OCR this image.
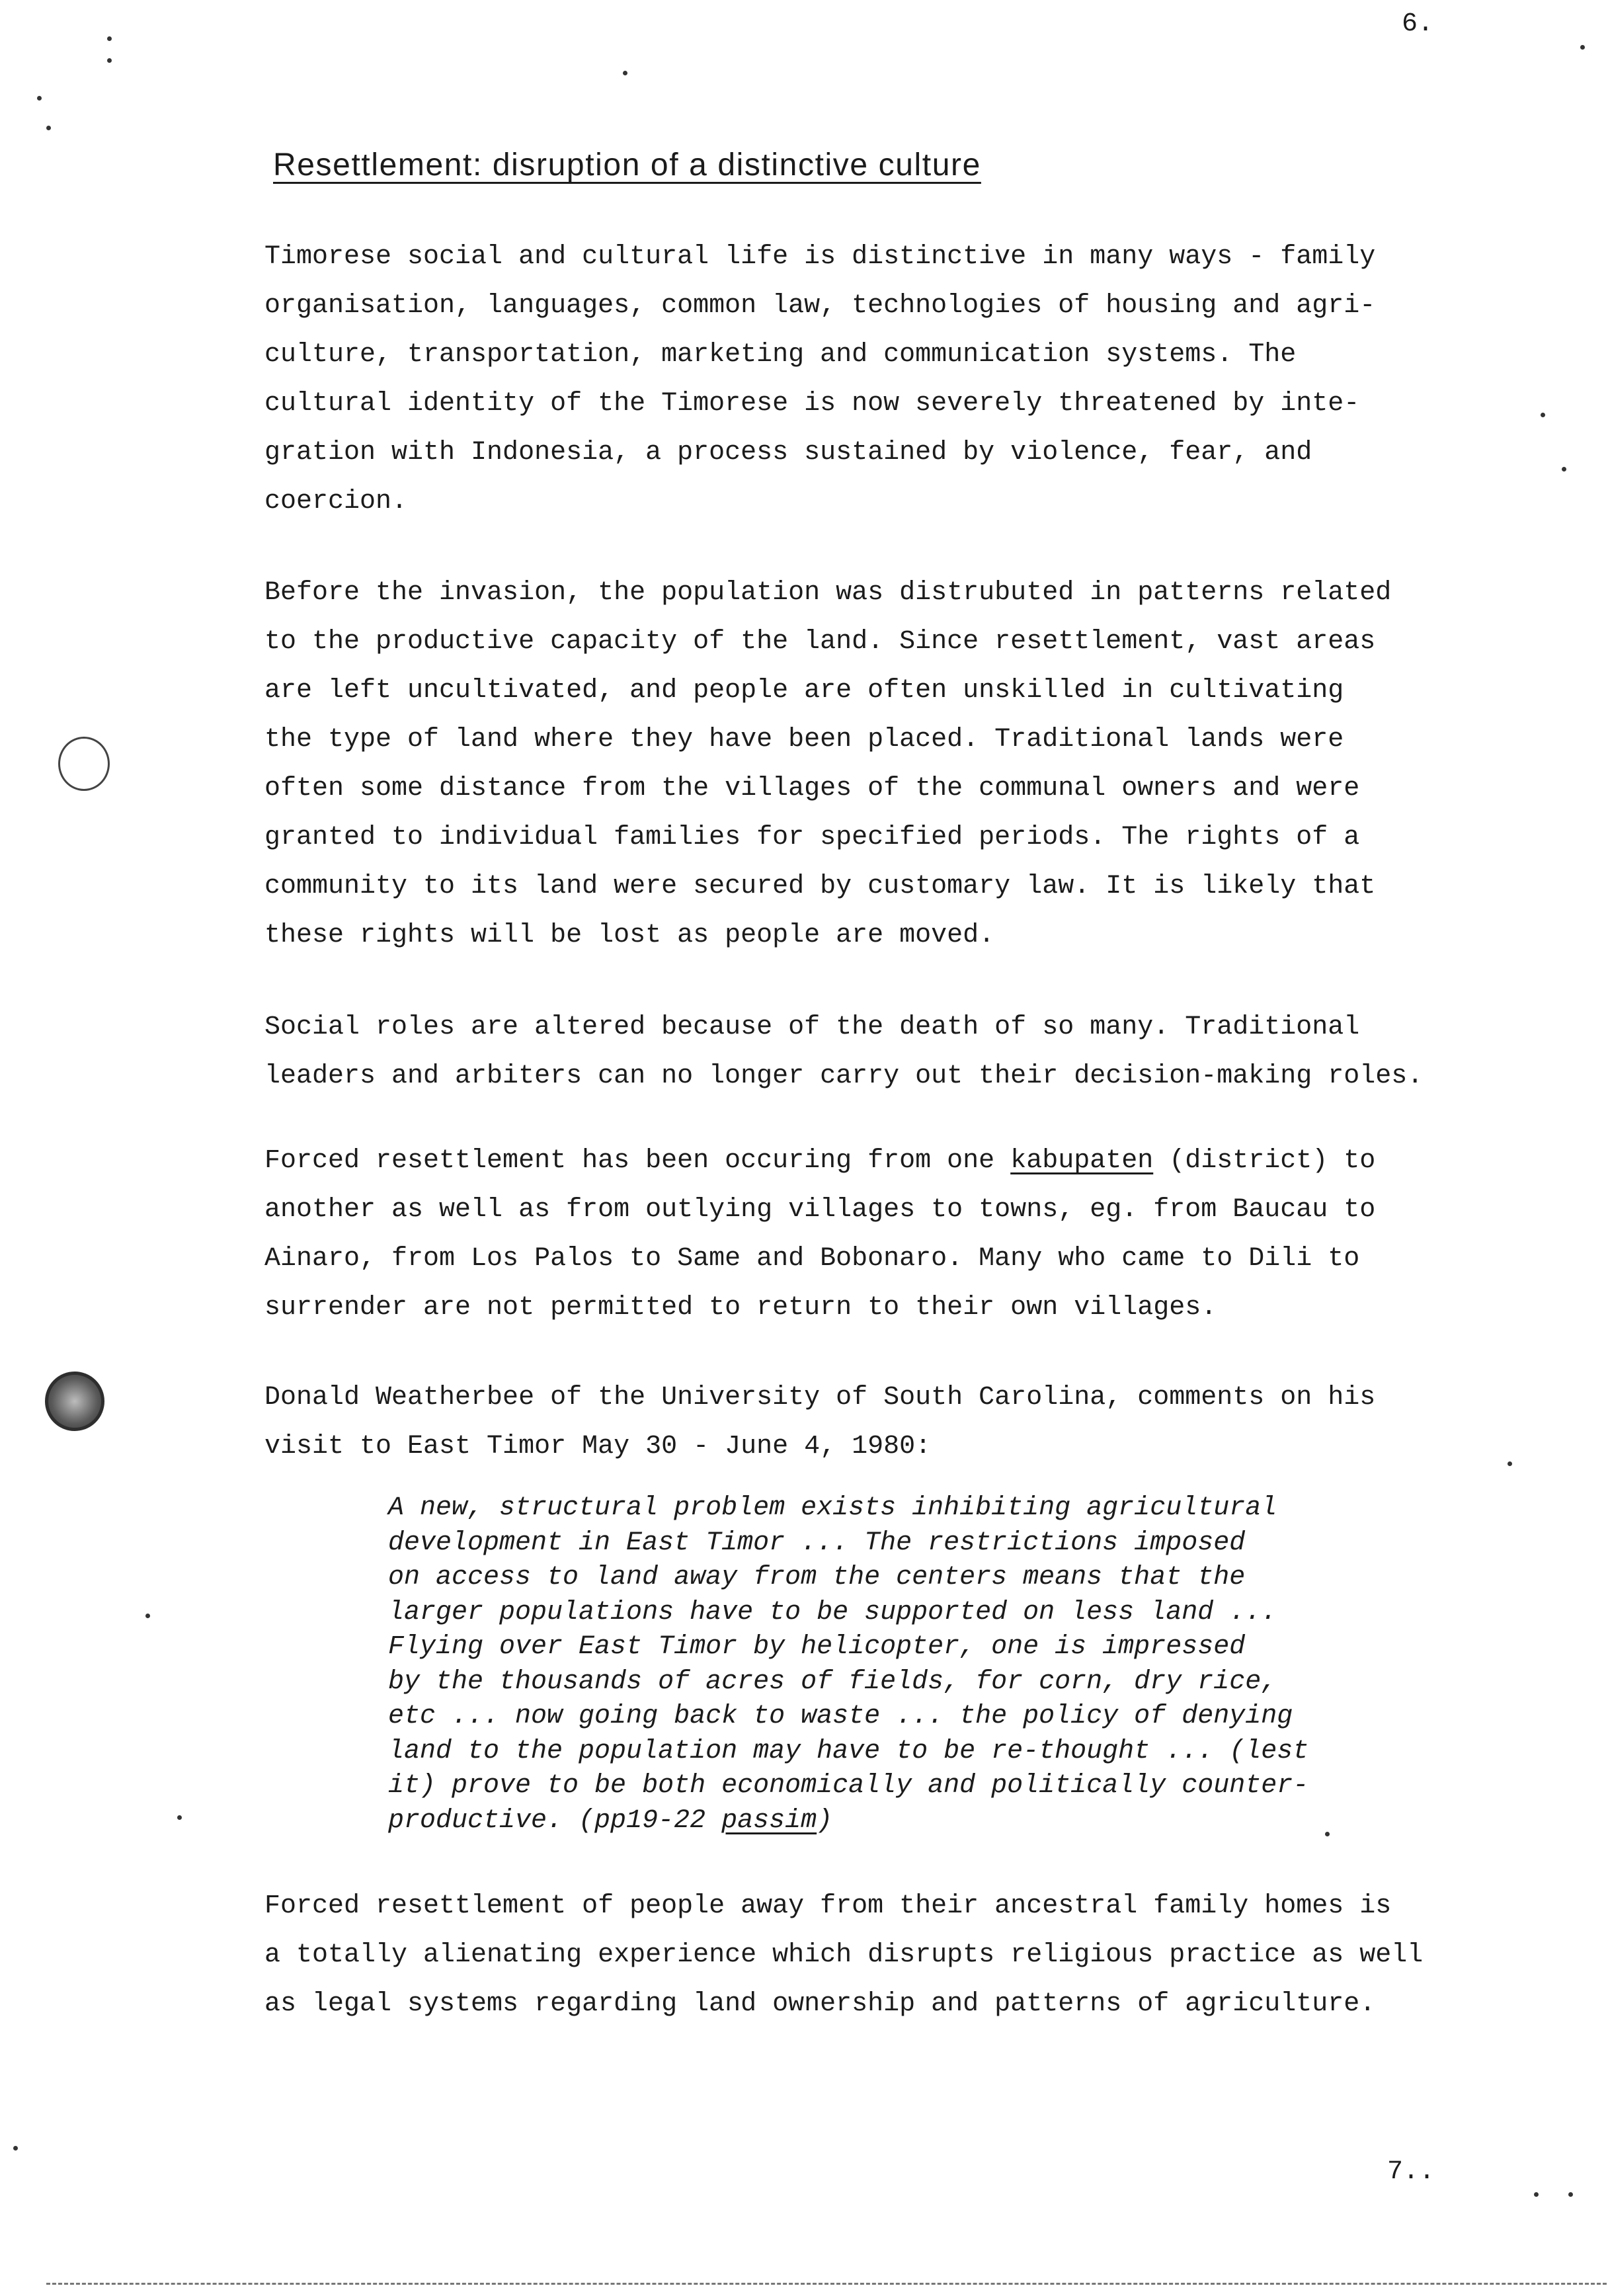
6.
Resettlement: disruption of a distinctive culture

Timorese social and cultural life is distinctive in many ways - family
organisation, languages, common law, technologies of housing and agri-
culture, transportation, marketing and communication systems. The
cultural identity of the Timorese is now severely threatened by inte-
gration with Indonesia, a process sustained by violence, fear, and
coercion.

Before the invasion, the population was distrubuted in patterns related
to the productive capacity of the land. Since resettlement, vast areas
are left uncultivated, and people are often unskilled in cultivating
the type of land where they have been placed. Traditional lands were
often some distance from the villages of the communal owners and were
granted to individual families for specified periods. The rights of a
community to its land were secured by customary law. It is likely that
these rights will be lost as people are moved.

Social roles are altered because of the death of so many. Traditional
leaders and arbiters can no longer carry out their decision-making roles.

Forced resettlement has been occuring from one kabupaten (district) to
another as well as from outlying villages to towns, eg. from Baucau to
Ainaro, from Los Palos to Same and Bobonaro. Many who came to Dili to
surrender are not permitted to return to their own villages.

Donald Weatherbee of the University of South Carolina, comments on his
visit to East Timor May 30 - June 4, 1980:

A new, structural problem exists inhibiting agricultural
development in East Timor ... The restrictions imposed
on access to land away from the centers means that the
larger populations have to be supported on less land ...
Flying over East Timor by helicopter, one is impressed
by the thousands of acres of fields, for corn, dry rice,
etc ... now going back to waste ... the policy of denying
land to the population may have to be re-thought ... (lest
it) prove to be both economically and politically counter-
productive. (pp19-22 passim)

Forced resettlement of people away from their ancestral family homes is
a totally alienating experience which disrupts religious practice as well
as legal systems regarding land ownership and patterns of agriculture.

7..
